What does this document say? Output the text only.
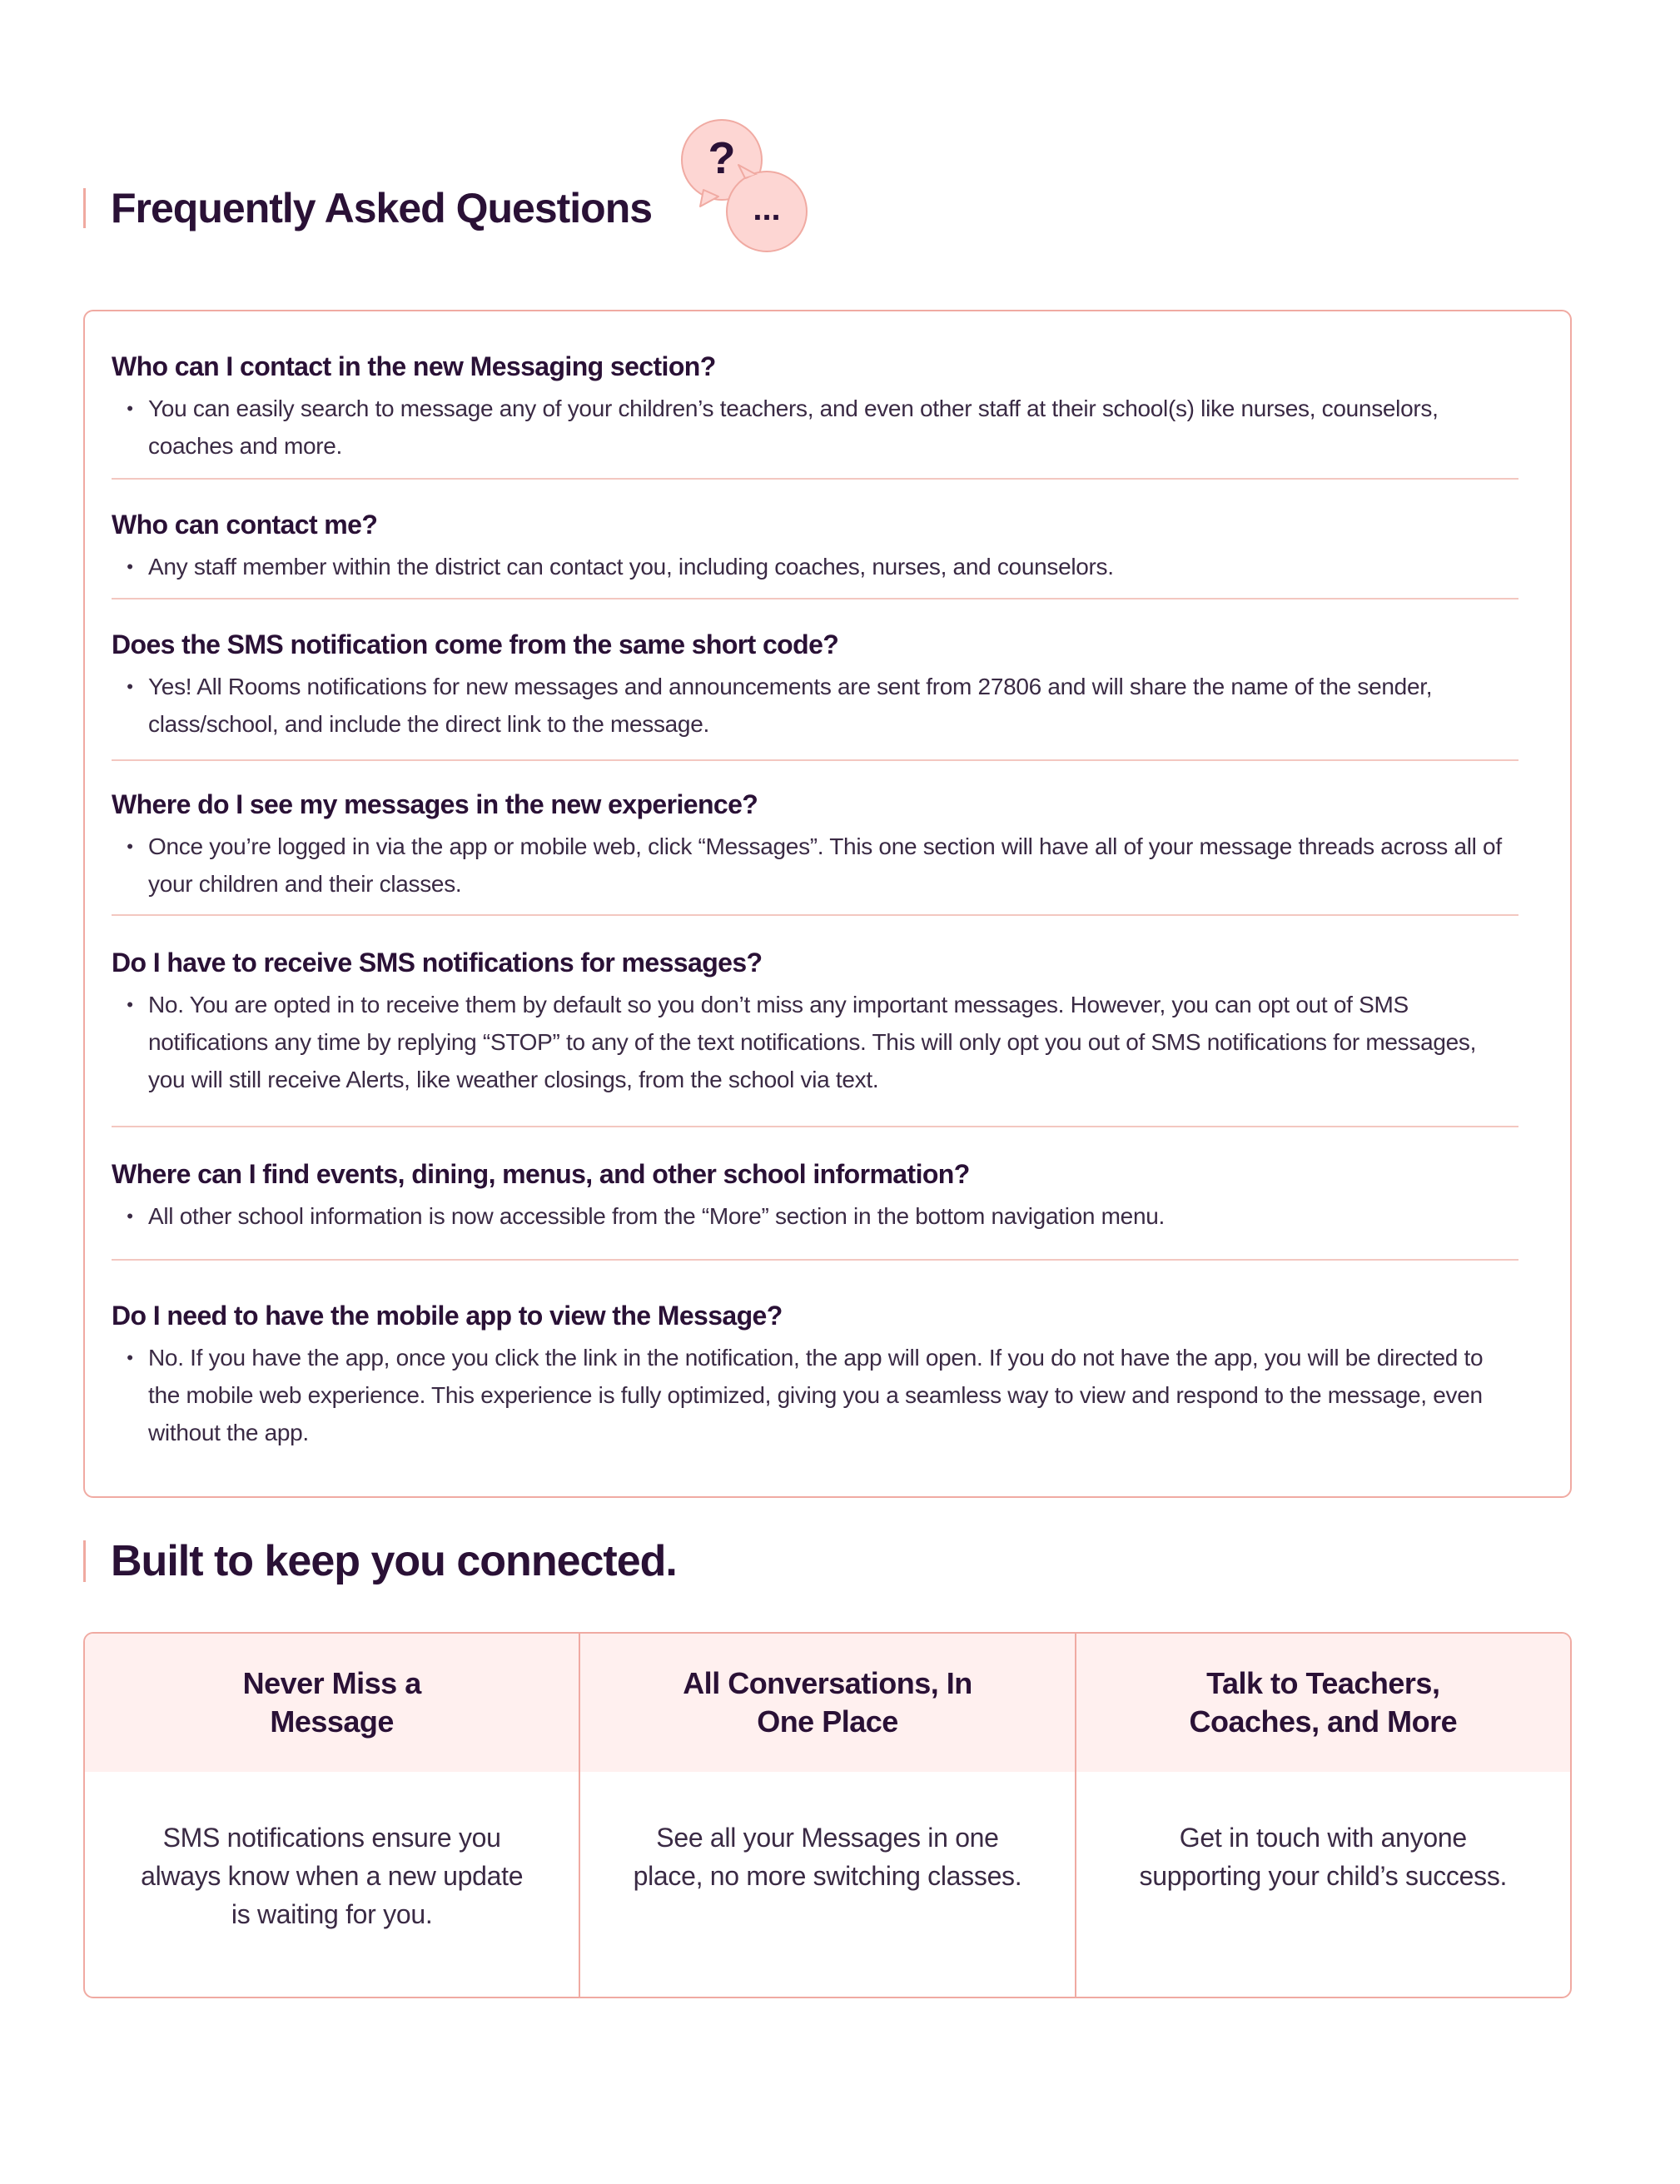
Frequently Asked Questions
?
...
Who can I contact in the new Messaging section?
• You can easily search to message any of your children’s teachers, and even other staff at their school(s) like nurses, counselors, coaches and more.
Who can contact me?
• Any staff member within the district can contact you, including coaches, nurses, and counselors.
Does the SMS notification come from the same short code?
• Yes! All Rooms notifications for new messages and announcements are sent from 27806 and will share the name of the sender, class/school, and include the direct link to the message.
Where do I see my messages in the new experience?
• Once you’re logged in via the app or mobile web, click “Messages”. This one section will have all of your message threads across all of your children and their classes.
Do I have to receive SMS notifications for messages?
• No. You are opted in to receive them by default so you don’t miss any important messages. However, you can opt out of SMS notifications any time by replying “STOP” to any of the text notifications. This will only opt you out of SMS notifications for messages, you will still receive Alerts, like weather closings, from the school via text.
Where can I find events, dining, menus, and other school information?
• All other school information is now accessible from the “More” section in the bottom navigation menu.
Do I need to have the mobile app to view the Message?
• No. If you have the app, once you click the link in the notification, the app will open. If you do not have the app, you will be directed to the mobile web experience. This experience is fully optimized, giving you a seamless way to view and respond to the message, even without the app.
Built to keep you connected.
Never Miss a Message
SMS notifications ensure you always know when a new update is waiting for you.
All Conversations, In One Place
See all your Messages in one place, no more switching classes.
Talk to Teachers, Coaches, and More
Get in touch with anyone supporting your child’s success.
